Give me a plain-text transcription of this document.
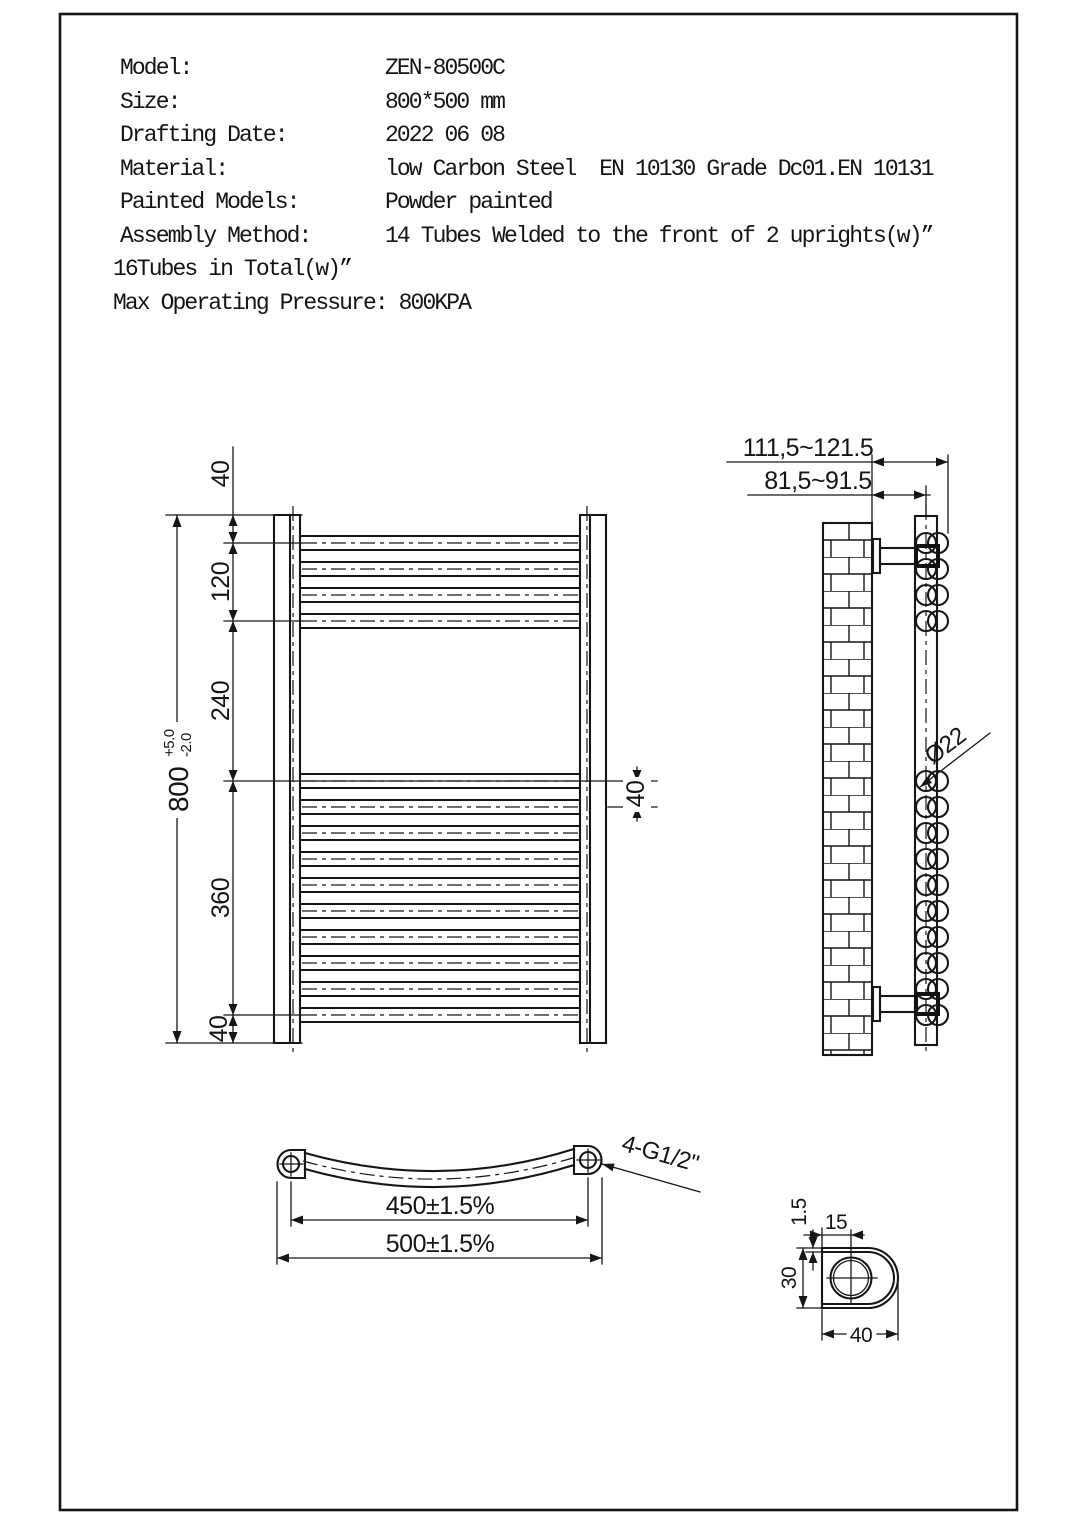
800
+5.0 -2.0
40
120
240
360
40
40
111,5~121.5
81,5~91.5
Ø22
450±1.5%
500±1.5%
4-G1/2"
15
1.5
30
40

Model:

	ZEN-80500C

Size:

	800*500 mm

Drafting Date:

	2022 06 08

Material:

	low Carbon Steel  EN 10130 Grade Dc01.EN 10131

Painted Models:

	Powder painted

Assembly Method:

	14 Tubes Welded to the front of 2 uprights(w)”

16Tubes in Total(w)”

Max Operating Pressure: 800KPA
